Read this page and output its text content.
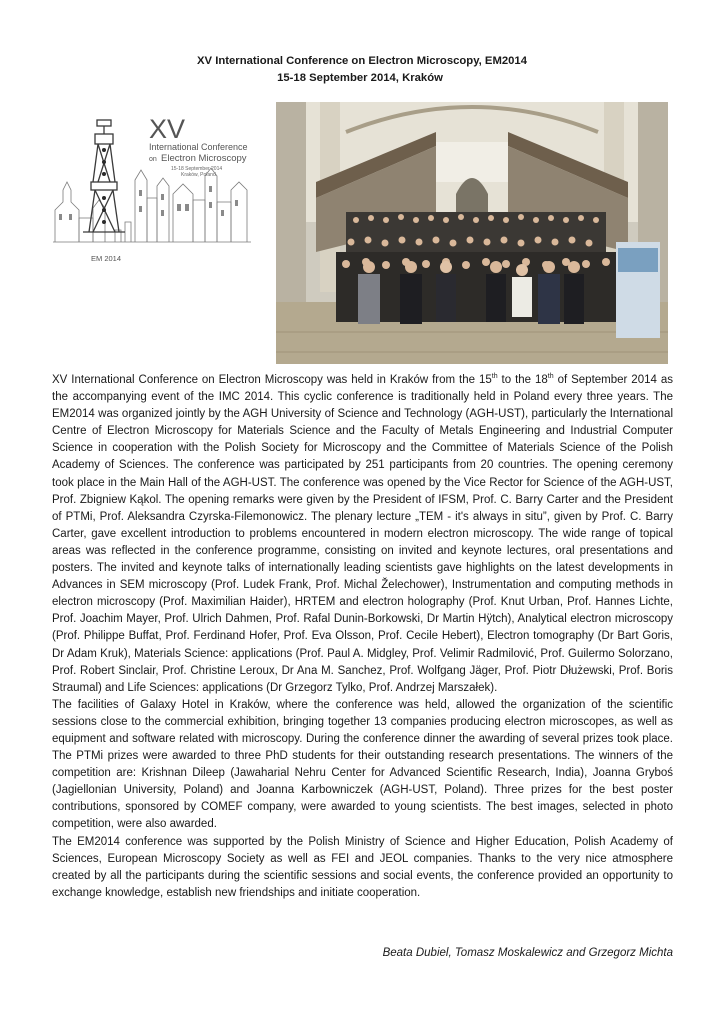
XV International Conference on Electron Microscopy, EM2014
15-18 September 2014, Kraków
XV
International Conference
on Electron Microscopy
15-18 September 2014
Kraków, Poland
EM 2014

XV International Conference on Electron Microscopy was held in Kraków from the 15th to the 18th of September 2014 as the accompanying event of the IMC 2014. This cyclic conference is traditionally held in Poland every three years. The EM2014 was organized jointly by the AGH University of Science and Technology (AGH-UST), particularly the International Centre of Electron Microscopy for Materials Science and the Faculty of Metals Engineering and Industrial Computer Science in cooperation with the Polish Society for Microscopy and the Committee of Materials Science of the Polish Academy of Sciences. The conference was participated by 251 participants from 20 countries. The opening ceremony took place in the Main Hall of the AGH-UST. The conference was opened by the Vice Rector for Science of the AGH-UST, Prof. Zbigniew Kąkol. The opening remarks were given by the President of IFSM, Prof. C. Barry Carter and the President of PTMi, Prof. Aleksandra Czyrska-Filemonowicz. The plenary lecture „TEM - it's always in situ”, given by Prof. C. Barry Carter, gave excellent introduction to problems encountered in modern electron microscopy. The wide range of topical areas was reflected in the conference programme, consisting on invited and keynote lectures, oral presentations and posters. The invited and keynote talks of internationally leading scientists gave highlights on the latest developments in Advances in SEM microscopy (Prof. Ludek Frank, Prof. Michal Želechower), Instrumentation and computing methods in electron microscopy (Prof. Maximilian Haider), HRTEM and electron holography (Prof. Knut Urban, Prof. Hannes Lichte, Prof. Joachim Mayer, Prof. Ulrich Dahmen, Prof. Rafal Dunin-Borkowski, Dr Martin Hÿtch), Analytical electron microscopy (Prof. Philippe Buffat, Prof. Ferdinand Hofer, Prof. Eva Olsson, Prof. Cecile Hebert), Electron tomography (Dr Bart Goris, Dr Adam Kruk), Materials Science: applications (Prof. Paul A. Midgley, Prof. Velimir Radmilović, Prof. Guilermo Solorzano, Prof. Robert Sinclair, Prof. Christine Leroux, Dr Ana M. Sanchez, Prof. Wolfgang Jäger, Prof. Piotr Dłużewski, Prof. Boris Straumal) and Life Sciences: applications (Dr Grzegorz Tylko, Prof. Andrzej Marszałek).

The facilities of Galaxy Hotel in Kraków, where the conference was held, allowed the organization of the scientific sessions close to the commercial exhibition, bringing together 13 companies producing electron microscopes, as well as equipment and software related with microscopy. During the conference dinner the awarding of several prizes took place. The PTMi prizes were awarded to three PhD students for their outstanding research presentations. The winners of the competition are: Krishnan Dileep (Jawaharial Nehru Center for Advanced Scientific Research, India), Joanna Gryboś (Jagiellonian University, Poland) and Joanna Karbowniczek (AGH-UST, Poland). Three prizes for the best poster contributions, sponsored by COMEF company, were awarded to young scientists. The best images, selected in photo competition, were also awarded.

The EM2014 conference was supported by the Polish Ministry of Science and Higher Education, Polish Academy of Sciences, European Microscopy Society as well as FEI and JEOL companies. Thanks to the very nice atmosphere created by all the participants during the scientific sessions and social events, the conference provided an opportunity to exchange knowledge, establish new friendships and initiate cooperation.

Beata Dubiel, Tomasz Moskalewicz and Grzegorz Michta
